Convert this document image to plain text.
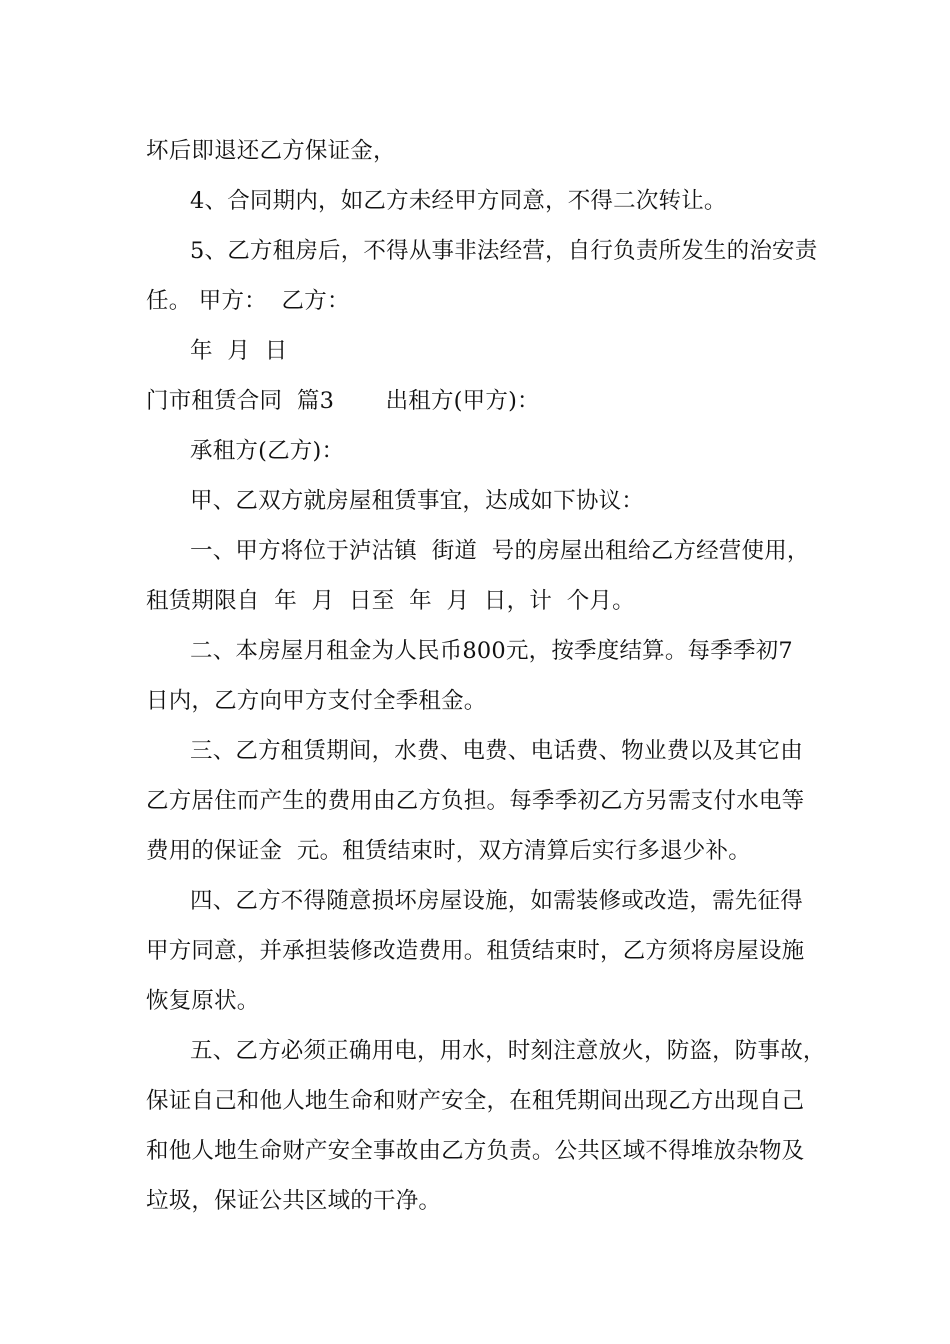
坏后即退还乙方保证金，
4、合同期内，如乙方未经甲方同意，不得二次转让。
5、乙方租房后，不得从事非法经营，自行负责所发生的治安责
任。 甲方：  乙方：
年  月  日
门市租赁合同  篇3       出租方(甲方)：
承租方(乙方)：
甲、乙双方就房屋租赁事宜，达成如下协议：
一、甲方将位于泸沽镇  街道  号的房屋出租给乙方经营使用，
租赁期限自  年  月  日至  年  月  日，计  个月。
二、本房屋月租金为人民币800元，按季度结算。每季季初7
日内，乙方向甲方支付全季租金。
三、乙方租赁期间，水费、电费、电话费、物业费以及其它由
乙方居住而产生的费用由乙方负担。每季季初乙方另需支付水电等
费用的保证金  元。租赁结束时，双方清算后实行多退少补。
四、乙方不得随意损坏房屋设施，如需装修或改造，需先征得
甲方同意，并承担装修改造费用。租赁结束时，乙方须将房屋设施
恢复原状。
五、乙方必须正确用电，用水，时刻注意放火，防盗，防事故，
保证自己和他人地生命和财产安全，在租凭期间出现乙方出现自己
和他人地生命财产安全事故由乙方负责。公共区域不得堆放杂物及
垃圾，保证公共区域的干净。
